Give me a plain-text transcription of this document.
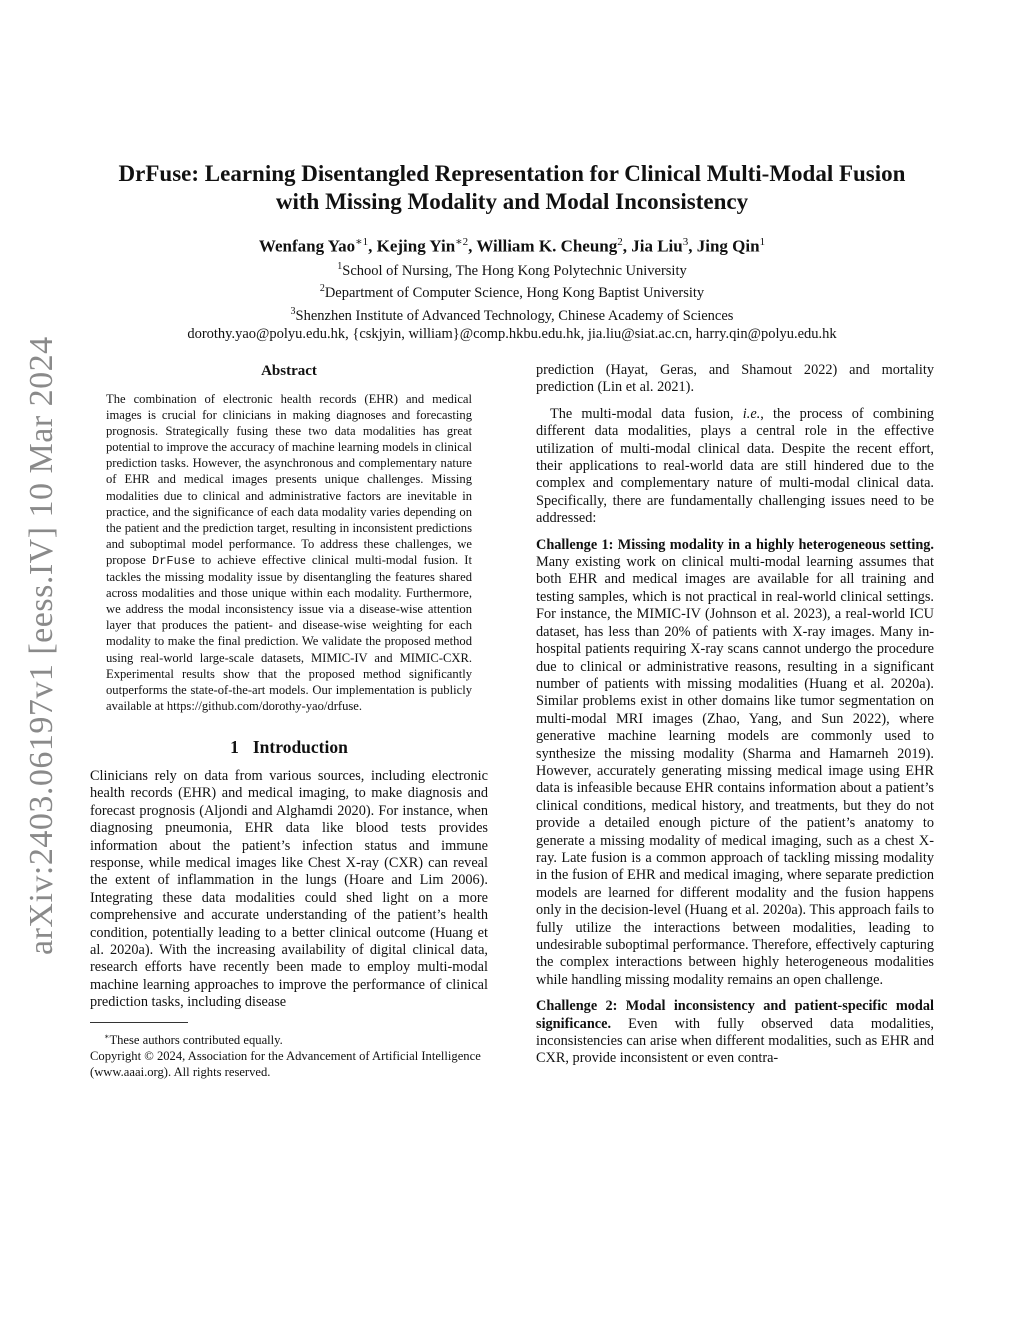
arXiv:2403.06197v1 [eess.IV] 10 Mar 2024
DrFuse: Learning Disentangled Representation for Clinical Multi-Modal Fusion
with Missing Modality and Modal Inconsistency
Wenfang Yao$^{∗1}$, Kejing Yin$^{∗2}$, William K. Cheung$^2$, Jia Liu$^3$, Jing Qin$^1$
$^1$School of Nursing, The Hong Kong Polytechnic University
$^2$Department of Computer Science, Hong Kong Baptist University
$^3$Shenzhen Institute of Advanced Technology, Chinese Academy of Sciences
dorothy.yao@polyu.edu.hk, {cskjyin, william}@comp.hkbu.edu.hk, jia.liu@siat.ac.cn, harry.qin@polyu.edu.hk
Abstract

The combination of electronic health records (EHR) and medical images is crucial for clinicians in making diagnoses and forecasting prognosis. Strategically fusing these two data modalities has great potential to improve the accuracy of machine learning models in clinical prediction tasks. However, the asynchronous and complementary nature of EHR and medical images presents unique challenges. Missing modalities due to clinical and administrative factors are inevitable in practice, and the significance of each data modality varies depending on the patient and the prediction target, resulting in inconsistent predictions and suboptimal model performance. To address these challenges, we propose DrFuse to achieve effective clinical multi-modal fusion. It tackles the missing modality issue by disentangling the features shared across modalities and those unique within each modality. Furthermore, we address the modal inconsistency issue via a disease-wise attention layer that produces the patient- and disease-wise weighting for each modality to make the final prediction. We validate the proposed method using real-world large-scale datasets, MIMIC-IV and MIMIC-CXR. Experimental results show that the proposed method significantly outperforms the state-of-the-art models. Our implementation is publicly available at https://github.com/dorothy-yao/drfuse.

1 Introduction

Clinicians rely on data from various sources, including electronic health records (EHR) and medical imaging, to make diagnosis and forecast prognosis (Aljondi and Alghamdi 2020). For instance, when diagnosing pneumonia, EHR data like blood tests provides information about the patient’s infection status and immune response, while medical images like Chest X-ray (CXR) can reveal the extent of inflammation in the lungs (Hoare and Lim 2006). Integrating these data modalities could shed light on a more comprehensive and accurate understanding of the patient’s health condition, potentially leading to a better clinical outcome (Huang et al. 2020a). With the increasing availability of digital clinical data, research efforts have recently been made to employ multi-modal machine learning approaches to improve the performance of clinical prediction tasks, including disease

∗These authors contributed equally.

Copyright © 2024, Association for the Advancement of Artificial Intelligence (www.aaai.org). All rights reserved.

prediction (Hayat, Geras, and Shamout 2022) and mortality prediction (Lin et al. 2021).

The multi-modal data fusion, i.e., the process of combining different data modalities, plays a central role in the effective utilization of multi-modal clinical data. Despite the recent effort, their applications to real-world data are still hindered due to the complex and complementary nature of multi-modal clinical data. Specifically, there are fundamentally challenging issues need to be addressed:

Challenge 1: Missing modality in a highly heterogeneous setting. Many existing work on clinical multi-modal learning assumes that both EHR and medical images are available for all training and testing samples, which is not practical in real-world clinical settings. For instance, the MIMIC-IV (Johnson et al. 2023), a real-world ICU dataset, has less than 20% of patients with X-ray images. Many in-hospital patients requiring X-ray scans cannot undergo the procedure due to clinical or administrative reasons, resulting in a significant number of patients with missing modalities (Huang et al. 2020a). Similar problems exist in other domains like tumor segmentation on multi-modal MRI images (Zhao, Yang, and Sun 2022), where generative machine learning models are commonly used to synthesize the missing modality (Sharma and Hamarneh 2019). However, accurately generating missing medical image using EHR data is infeasible because EHR contains information about a patient’s clinical conditions, medical history, and treatments, but they do not provide a detailed enough picture of the patient’s anatomy to generate a missing modality of medical imaging, such as a chest X-ray. Late fusion is a common approach of tackling missing modality in the fusion of EHR and medical imaging, where separate prediction models are learned for different modality and the fusion happens only in the decision-level (Huang et al. 2020a). This approach fails to fully utilize the interactions between modalities, leading to undesirable suboptimal performance. Therefore, effectively capturing the complex interactions between highly heterogeneous modalities while handling missing modality remains an open challenge.

Challenge 2: Modal inconsistency and patient-specific modal significance. Even with fully observed data modalities, inconsistencies can arise when different modalities, such as EHR and CXR, provide inconsistent or even contra-
